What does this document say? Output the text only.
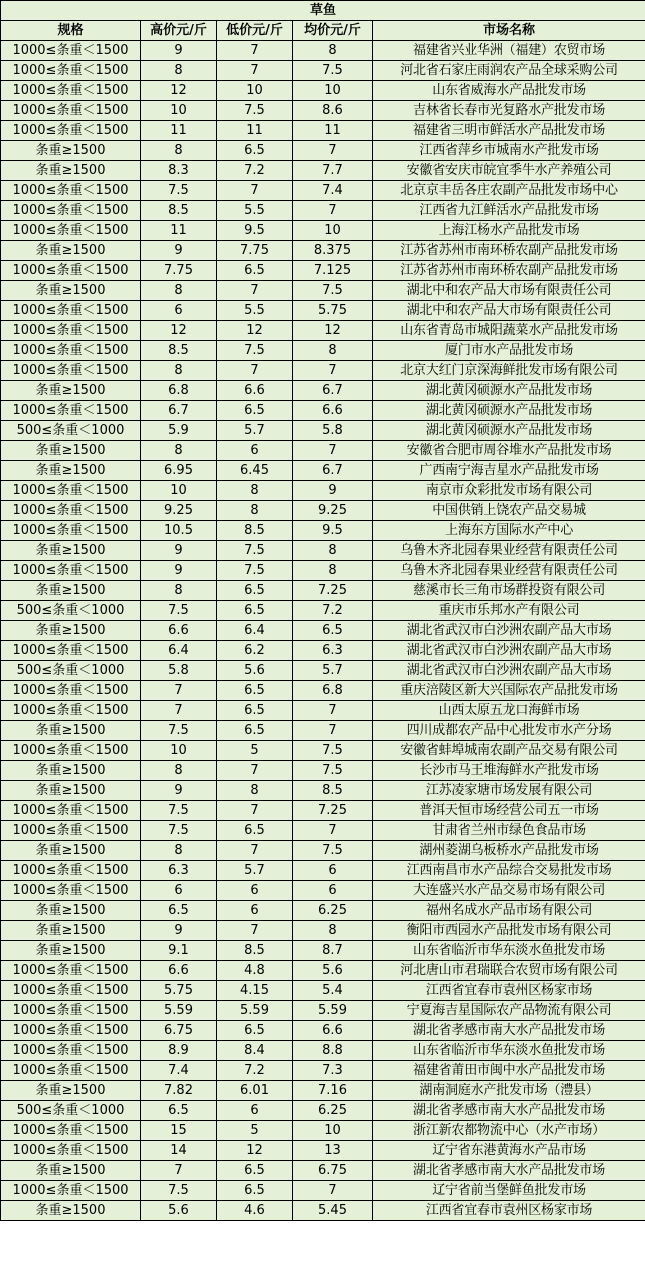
草鱼				
规格	高价元/斤	低价元/斤	均价元/斤	市场名称
1000≤条重＜1500	9	7	8	福建省兴业华洲（福建）农贸市场
1000≤条重＜1500	8	7	7.5	河北省石家庄雨润农产品全球采购公司
1000≤条重＜1500	12	10	10	山东省威海水产品批发市场
1000≤条重＜1500	10	7.5	8.6	吉林省长春市光复路水产批发市场
1000≤条重＜1500	11	11	11	福建省三明市鲜活水产品批发市场
条重≥1500	8	6.5	7	江西省萍乡市城南水产批发市场
条重≥1500	8.3	7.2	7.7	安徽省安庆市皖宜季牛水产养殖公司
1000≤条重＜1500	7.5	7	7.4	北京京丰岳各庄农副产品批发市场中心
1000≤条重＜1500	8.5	5.5	7	江西省九江鲜活水产品批发市场
1000≤条重＜1500	11	9.5	10	上海江杨水产品批发市场
条重≥1500	9	7.75	8.375	江苏省苏州市南环桥农副产品批发市场
1000≤条重＜1500	7.75	6.5	7.125	江苏省苏州市南环桥农副产品批发市场
条重≥1500	8	7	7.5	湖北中和农产品大市场有限责任公司
1000≤条重＜1500	6	5.5	5.75	湖北中和农产品大市场有限责任公司
1000≤条重＜1500	12	12	12	山东省青岛市城阳蔬菜水产品批发市场
1000≤条重＜1500	8.5	7.5	8	厦门市水产品批发市场
1000≤条重＜1500	8	7	7	北京大红门京深海鲜批发市场有限公司
条重≥1500	6.8	6.6	6.7	湖北黄冈硕源水产品批发市场
1000≤条重＜1500	6.7	6.5	6.6	湖北黄冈硕源水产品批发市场
500≤条重＜1000	5.9	5.7	5.8	湖北黄冈硕源水产品批发市场
条重≥1500	8	6	7	安徽省合肥市周谷堆水产品批发市场
条重≥1500	6.95	6.45	6.7	广西南宁海吉星水产品批发市场
1000≤条重＜1500	10	8	9	南京市众彩批发市场有限公司
1000≤条重＜1500	9.25	8	9.25	中国供销上饶农产品交易城
1000≤条重＜1500	10.5	8.5	9.5	上海东方国际水产中心
条重≥1500	9	7.5	8	乌鲁木齐北园春果业经营有限责任公司
1000≤条重＜1500	9	7.5	8	乌鲁木齐北园春果业经营有限责任公司
条重≥1500	8	6.5	7.25	慈溪市长三角市场群投资有限公司
500≤条重＜1000	7.5	6.5	7.2	重庆市乐邦水产有限公司
条重≥1500	6.6	6.4	6.5	湖北省武汉市白沙洲农副产品大市场
1000≤条重＜1500	6.4	6.2	6.3	湖北省武汉市白沙洲农副产品大市场
500≤条重＜1000	5.8	5.6	5.7	湖北省武汉市白沙洲农副产品大市场
1000≤条重＜1500	7	6.5	6.8	重庆涪陵区新大兴国际农产品批发市场
1000≤条重＜1500	7	6.5	7	山西太原五龙口海鲜市场
条重≥1500	7.5	6.5	7	四川成都农产品中心批发市水产分场
1000≤条重＜1500	10	5	7.5	安徽省蚌埠城南农副产品交易有限公司
条重≥1500	8	7	7.5	长沙市马王堆海鲜水产批发市场
条重≥1500	9	8	8.5	江苏凌家塘市场发展有限公司
1000≤条重＜1500	7.5	7	7.25	普洱天恒市场经营公司五一市场
1000≤条重＜1500	7.5	6.5	7	甘肃省兰州市绿色食品市场
条重≥1500	8	7	7.5	湖州菱湖乌板桥水产品批发市场
1000≤条重＜1500	6.3	5.7	6	江西南昌市水产品综合交易批发市场
1000≤条重＜1500	6	6	6	大连盛兴水产品交易市场有限公司
条重≥1500	6.5	6	6.25	福州名成水产品市场有限公司
条重≥1500	9	7	8	衡阳市西园水产品批发市场有限公司
条重≥1500	9.1	8.5	8.7	山东省临沂市华东淡水鱼批发市场
1000≤条重＜1500	6.6	4.8	5.6	河北唐山市君瑞联合农贸市场有限公司
1000≤条重＜1500	5.75	4.15	5.4	江西省宜春市袁州区杨家市场
1000≤条重＜1500	5.59	5.59	5.59	宁夏海吉星国际农产品物流有限公司
1000≤条重＜1500	6.75	6.5	6.6	湖北省孝感市南大水产品批发市场
1000≤条重＜1500	8.9	8.4	8.8	山东省临沂市华东淡水鱼批发市场
1000≤条重＜1500	7.4	7.2	7.3	福建省莆田市闽中水产品批发市场
条重≥1500	7.82	6.01	7.16	湖南洞庭水产批发市场（澧县）
500≤条重＜1000	6.5	6	6.25	湖北省孝感市南大水产品批发市场
1000≤条重＜1500	15	5	10	浙江新农都物流中心（水产市场）
1000≤条重＜1500	14	12	13	辽宁省东港黄海水产品市场
条重≥1500	7	6.5	6.75	湖北省孝感市南大水产品批发市场
1000≤条重＜1500	7.5	6.5	7	辽宁省前当堡鲜鱼批发市场
条重≥1500	5.6	4.6	5.45	江西省宜春市袁州区杨家市场
